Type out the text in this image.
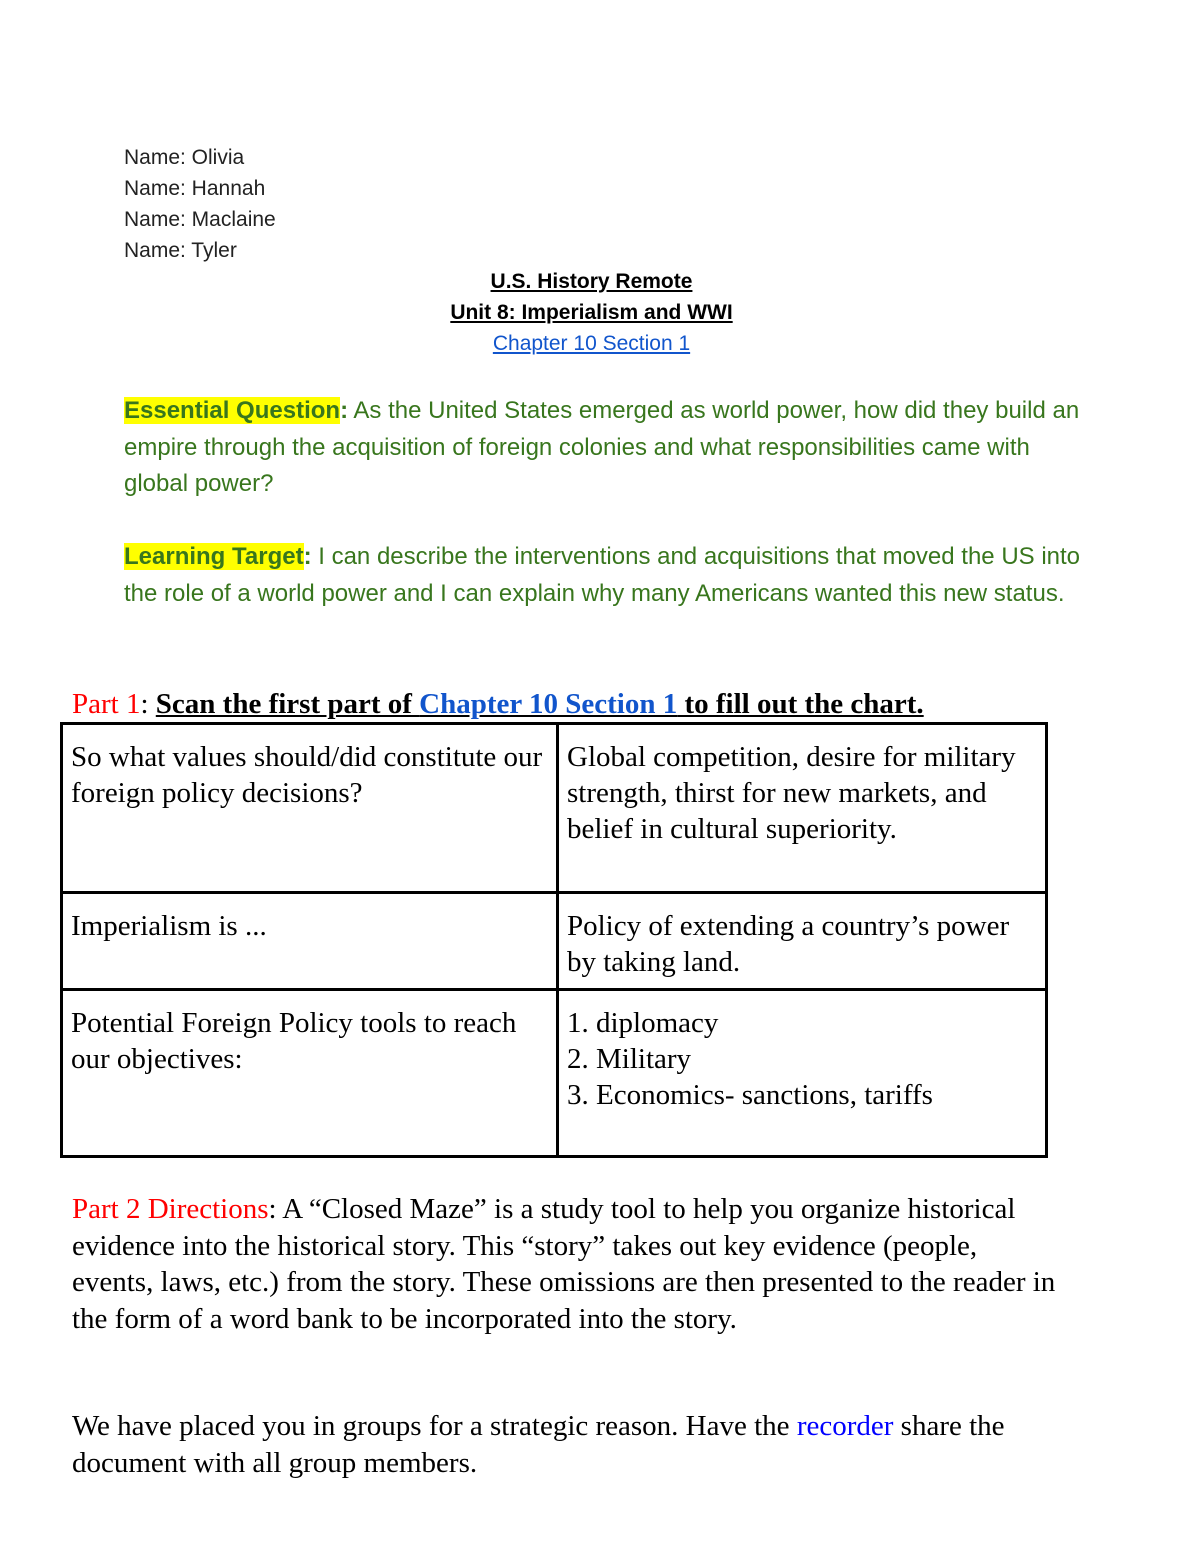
Name: Olivia
Name: Hannah
Name: Maclaine
Name: Tyler
U.S. History Remote
Unit 8: Imperialism and WWI
Chapter 10 Section 1
Essential Question: As the United States emerged as world power, how did they build an empire through the acquisition of foreign colonies and what responsibilities came with global power?
Learning Target: I can describe the interventions and acquisitions that moved the US into the role of a world power and I can explain why many Americans wanted this new status.
Part 1: Scan the first part of Chapter 10 Section 1 to fill out the chart.
So what values should/did constitute our foreign policy decisions?	Global competition, desire for military strength, thirst for new markets, and belief in cultural superiority.
Imperialism is ...	Policy of extending a country’s power by taking land.
Potential Foreign Policy tools to reach our objectives:	1. diplomacy
2. Military
3. Economics- sanctions, tariffs
Part 2 Directions: A “Closed Maze” is a study tool to help you organize historical evidence into the historical story. This “story” takes out key evidence (people, events, laws, etc.) from the story. These omissions are then presented to the reader in the form of a word bank to be incorporated into the story.
We have placed you in groups for a strategic reason. Have the recorder share the document with all group members.
